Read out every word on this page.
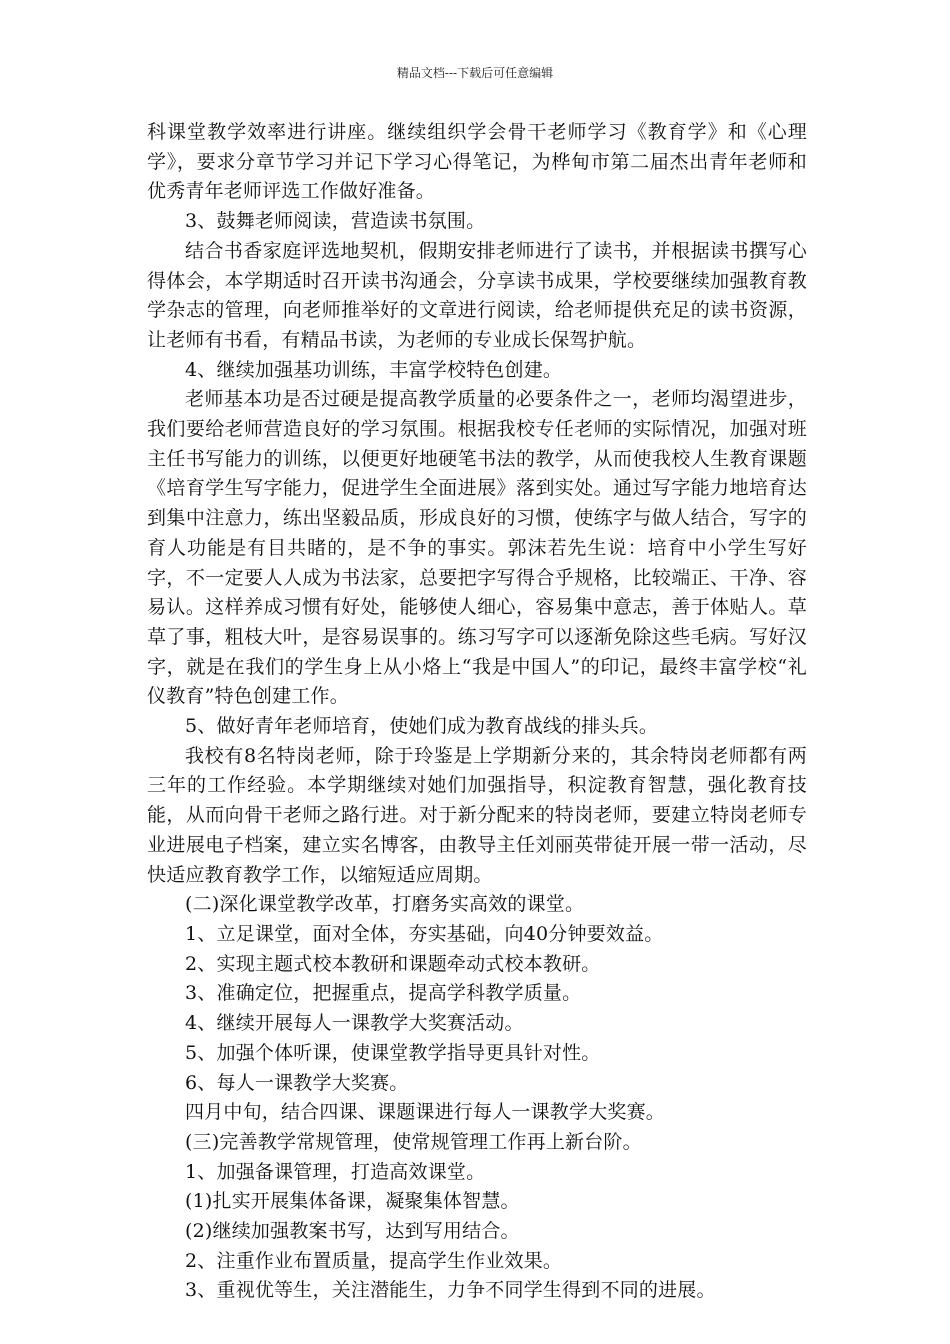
精品文档---下载后可任意编辑

科课堂教学效率进行讲座。继续组织学会骨干老师学习《教育学》和《心理学》，要求分章节学习并记下学习心得笔记，为桦甸市第二届杰出青年老师和优秀青年老师评选工作做好准备。

3、鼓舞老师阅读，营造读书氛围。

结合书香家庭评选地契机，假期安排老师进行了读书，并根据读书撰写心得体会，本学期适时召开读书沟通会，分享读书成果，学校要继续加强教育教学杂志的管理，向老师推举好的文章进行阅读，给老师提供充足的读书资源，让老师有书看，有精品书读，为老师的专业成长保驾护航。

4、继续加强基功训练，丰富学校特色创建。

老师基本功是否过硬是提高教学质量的必要条件之一，老师均渴望进步，我们要给老师营造良好的学习氛围。根据我校专任老师的实际情况，加强对班主任书写能力的训练，以便更好地硬笔书法的教学，从而使我校人生教育课题《培育学生写字能力，促进学生全面进展》落到实处。通过写字能力地培育达到集中注意力，练出坚毅品质，形成良好的习惯，使练字与做人结合，写字的育人功能是有目共睹的，是不争的事实。郭沫若先生说：培育中小学生写好字，不一定要人人成为书法家，总要把字写得合乎规格，比较端正、干净、容易认。这样养成习惯有好处，能够使人细心，容易集中意志，善于体贴人。草草了事，粗枝大叶，是容易误事的。练习写字可以逐渐免除这些毛病。写好汉字，就是在我们的学生身上从小烙上“我是中国人”的印记，最终丰富学校“礼仪教育”特色创建工作。

5、做好青年老师培育，使她们成为教育战线的排头兵。

我校有8名特岗老师，除于玲鉴是上学期新分来的，其余特岗老师都有两三年的工作经验。本学期继续对她们加强指导，积淀教育智慧，强化教育技能，从而向骨干老师之路行进。对于新分配来的特岗老师，要建立特岗老师专业进展电子档案，建立实名博客，由教导主任刘丽英带徒开展一带一活动，尽快适应教育教学工作，以缩短适应周期。

(二)深化课堂教学改革，打磨务实高效的课堂。

1、立足课堂，面对全体，夯实基础，向40分钟要效益。

2、实现主题式校本教研和课题牵动式校本教研。

3、准确定位，把握重点，提高学科教学质量。

4、继续开展每人一课教学大奖赛活动。

5、加强个体听课，使课堂教学指导更具针对性。

6、每人一课教学大奖赛。

四月中旬，结合四课、课题课进行每人一课教学大奖赛。

(三)完善教学常规管理，使常规管理工作再上新台阶。

1、加强备课管理，打造高效课堂。

(1)扎实开展集体备课，凝聚集体智慧。

(2)继续加强教案书写，达到写用结合。

2、注重作业布置质量，提高学生作业效果。

3、重视优等生，关注潜能生，力争不同学生得到不同的进展。
